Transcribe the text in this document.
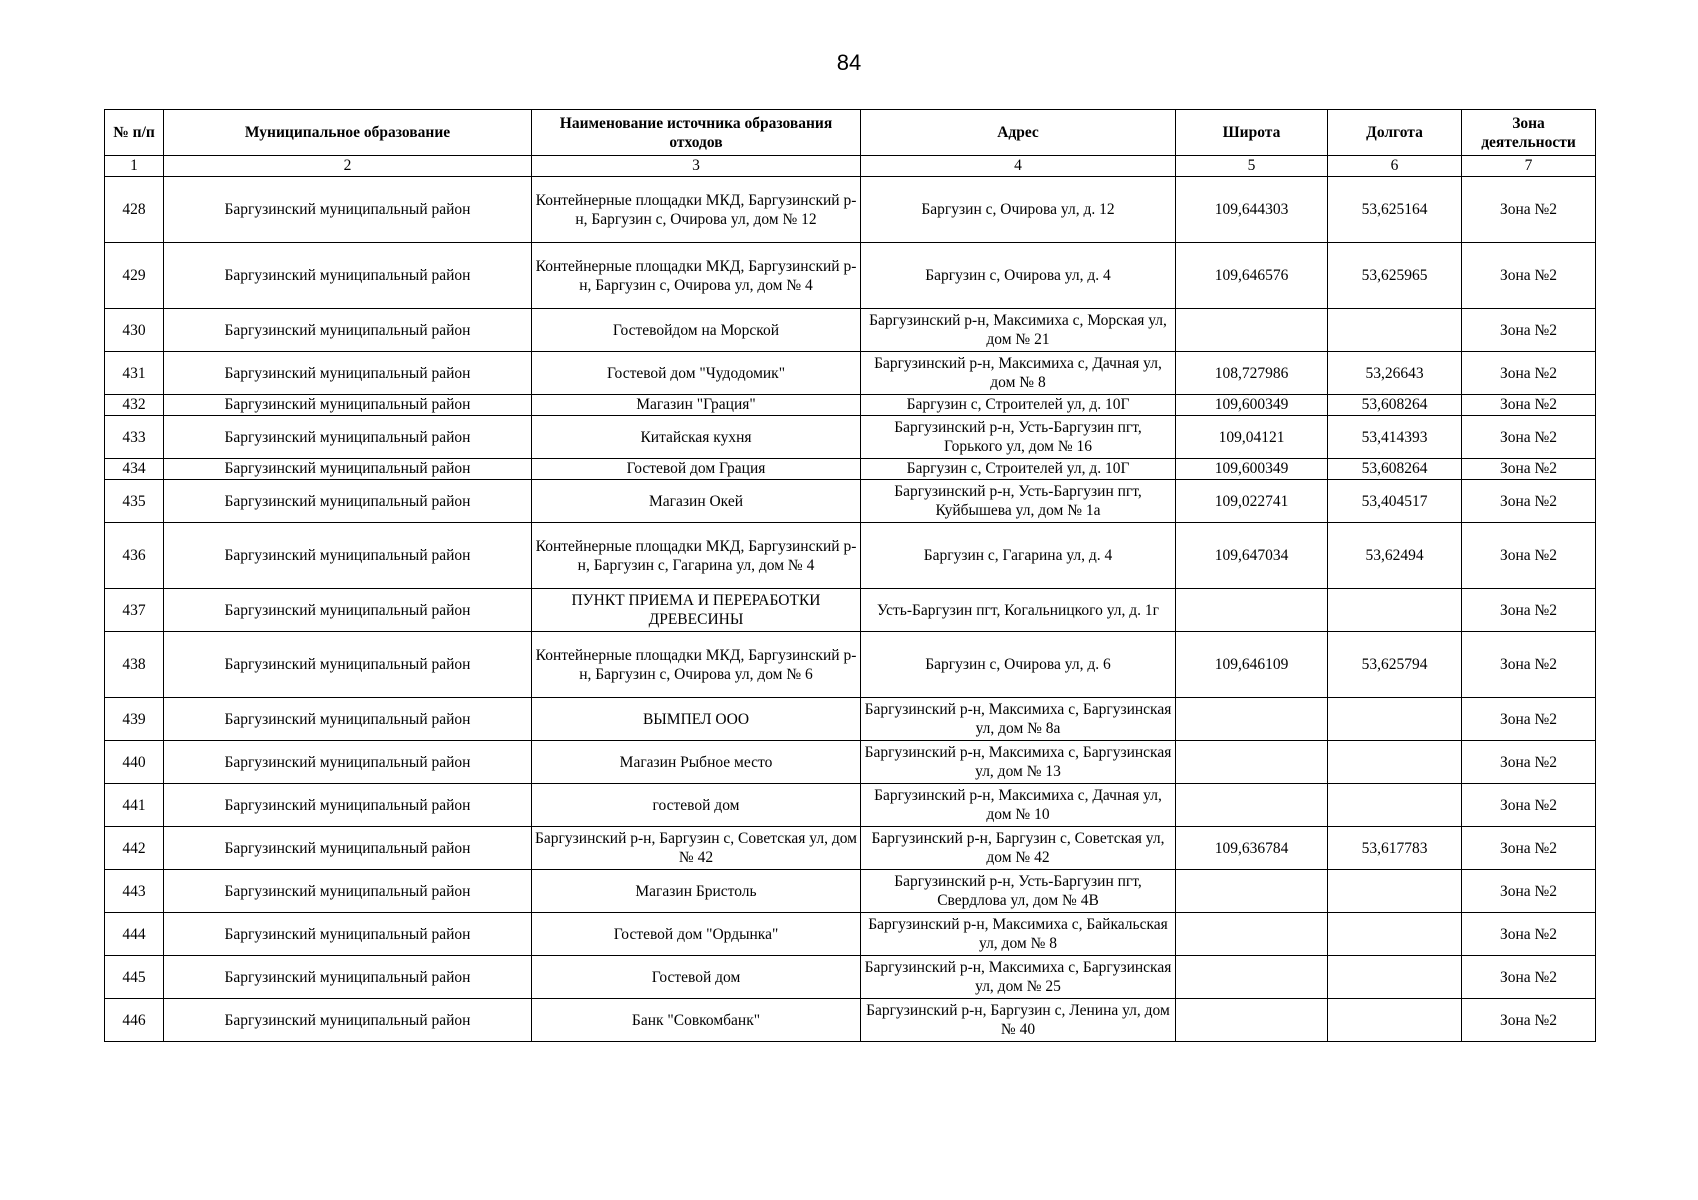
84
№ п/п	Муниципальное образование	Наименование источника образования отходов	Адрес	Широта	Долгота	Зона деятельности
1	2	3	4	5	6	7
428	Баргузинский муниципальный район	Контейнерные площадки МКД, Баргузинский р-н, Баргузин с, Очирова ул, дом № 12	Баргузин с, Очирова ул, д. 12	109,644303	53,625164	Зона №2
429	Баргузинский муниципальный район	Контейнерные площадки МКД, Баргузинский р-н, Баргузин с, Очирова ул, дом № 4	Баргузин с, Очирова ул, д. 4	109,646576	53,625965	Зона №2
430	Баргузинский муниципальный район	Гостевойдом на Морской	Баргузинский р-н, Максимиха с, Морская ул, дом № 21			Зона №2
431	Баргузинский муниципальный район	Гостевой дом "Чудодомик"	Баргузинский р-н, Максимиха с, Дачная ул, дом № 8	108,727986	53,26643	Зона №2
432	Баргузинский муниципальный район	Магазин "Грация"	Баргузин с, Строителей ул, д. 10Г	109,600349	53,608264	Зона №2
433	Баргузинский муниципальный район	Китайская кухня	Баргузинский р-н, Усть-Баргузин пгт, Горького ул, дом № 16	109,04121	53,414393	Зона №2
434	Баргузинский муниципальный район	Гостевой дом Грация	Баргузин с, Строителей ул, д. 10Г	109,600349	53,608264	Зона №2
435	Баргузинский муниципальный район	Магазин Окей	Баргузинский р-н, Усть-Баргузин пгт, Куйбышева ул, дом № 1а	109,022741	53,404517	Зона №2
436	Баргузинский муниципальный район	Контейнерные площадки МКД, Баргузинский р-н, Баргузин с, Гагарина ул, дом № 4	Баргузин с, Гагарина ул, д. 4	109,647034	53,62494	Зона №2
437	Баргузинский муниципальный район	ПУНКТ ПРИЕМА И ПЕРЕРАБОТКИ ДРЕВЕСИНЫ	Усть-Баргузин пгт, Когальницкого ул, д. 1г			Зона №2
438	Баргузинский муниципальный район	Контейнерные площадки МКД, Баргузинский р-н, Баргузин с, Очирова ул, дом № 6	Баргузин с, Очирова ул, д. 6	109,646109	53,625794	Зона №2
439	Баргузинский муниципальный район	ВЫМПЕЛ ООО	Баргузинский р-н, Максимиха с, Баргузинская ул, дом № 8а			Зона №2
440	Баргузинский муниципальный район	Магазин Рыбное место	Баргузинский р-н, Максимиха с, Баргузинская ул, дом № 13			Зона №2
441	Баргузинский муниципальный район	гостевой дом	Баргузинский р-н, Максимиха с, Дачная ул, дом № 10			Зона №2
442	Баргузинский муниципальный район	Баргузинский р-н, Баргузин с, Советская ул, дом № 42	Баргузинский р-н, Баргузин с, Советская ул, дом № 42	109,636784	53,617783	Зона №2
443	Баргузинский муниципальный район	Магазин Бристоль	Баргузинский р-н, Усть-Баргузин пгт, Свердлова ул, дом № 4В			Зона №2
444	Баргузинский муниципальный район	Гостевой дом "Ордынка"	Баргузинский р-н, Максимиха с, Байкальская ул, дом № 8			Зона №2
445	Баргузинский муниципальный район	Гостевой дом	Баргузинский р-н, Максимиха с, Баргузинская ул, дом № 25			Зона №2
446	Баргузинский муниципальный район	Банк "Совкомбанк"	Баргузинский р-н, Баргузин с, Ленина ул, дом № 40			Зона №2
